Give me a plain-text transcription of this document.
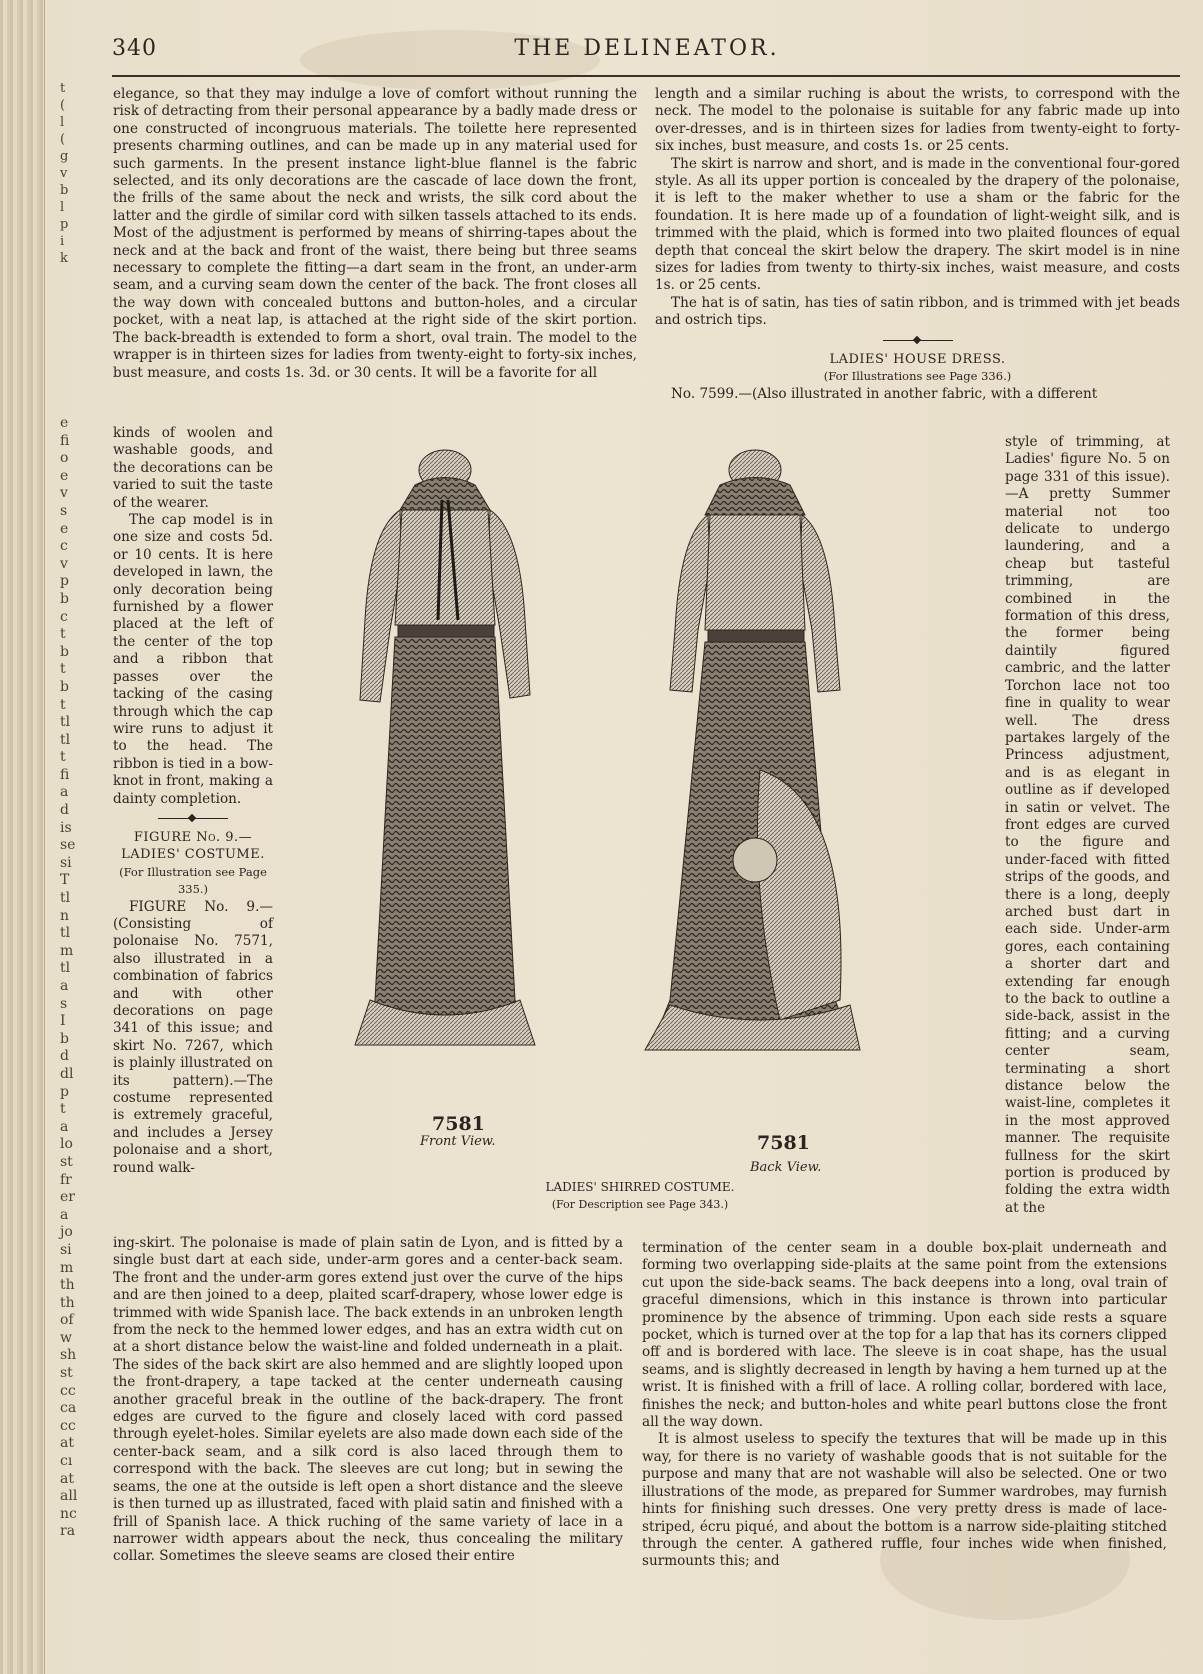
t
(
l
(
g
v
b
l
p
i
k
e
fi
o
e
v
s
e
c
v
p
b
c
t
b
t
b
t
tl
tl
t
fi
a
d
is
se
si
T
tl
n
tl
m
tl
a
s
I
b
d
dl
p
t
a
lo
st
fr
er
a
jo
si
m
th
th
of
w
sh
st
cc
ca
cc
at
cı
at
all
nc
ra
340	THE DELINEATOR.

elegance, so that they may indulge a love of comfort without running the risk of detracting from their personal appearance by a badly made dress or one constructed of incongruous materials. The toilette here represented presents charming outlines, and can be made up in any material used for such garments. In the present instance light-blue flannel is the fabric selected, and its only decorations are the cascade of lace down the front, the frills of the same about the neck and wrists, the silk cord about the latter and the girdle of similar cord with silken tassels attached to its ends. Most of the adjustment is performed by means of shirring-tapes about the neck and at the back and front of the waist, there being but three seams necessary to complete the fitting—a dart seam in the front, an under-arm seam, and a curving seam down the center of the back. The front closes all the way down with concealed buttons and button-holes, and a circular pocket, with a neat lap, is attached at the right side of the skirt portion. The back-breadth is extended to form a short, oval train. The model to the wrapper is in thirteen sizes for ladies from twenty-eight to forty-six inches, bust measure, and costs 1s. 3d. or 30 cents. It will be a favorite for all

length and a similar ruching is about the wrists, to correspond with the neck. The model to the polonaise is suitable for any fabric made up into over-dresses, and is in thirteen sizes for ladies from twenty-eight to forty-six inches, bust measure, and costs 1s. or 25 cents.

The skirt is narrow and short, and is made in the conventional four-gored style. As all its upper portion is concealed by the drapery of the polonaise, it is left to the maker whether to use a sham or the fabric for the foundation. It is here made up of a foundation of light-weight silk, and is trimmed with the plaid, which is formed into two plaited flounces of equal depth that conceal the skirt below the drapery. The skirt model is in nine sizes for ladies from twenty to thirty-six inches, waist measure, and costs 1s. or 25 cents.

The hat is of satin, has ties of satin ribbon, and is trimmed with jet beads and ostrich tips.

LADIES' HOUSE DRESS.

(For Illustrations see Page 336.)

No. 7599.—(Also illustrated in another fabric, with a different

kinds of woolen and washable goods, and the decorations can be varied to suit the taste of the wearer.

The cap model is in one size and costs 5d. or 10 cents. It is here developed in lawn, the only decoration being furnished by a flower placed at the left of the center of the top and a ribbon that passes over the tacking of the casing through which the cap wire runs to adjust it to the head. The ribbon is tied in a bow-knot in front, making a dainty completion.

FIGURE No. 9.—LADIES' COSTUME.

(For Illustration see Page 335.)

FIGURE No. 9.—(Consisting of polonaise No. 7571, also illustrated in a combination of fabrics and with other decorations on page 341 of this issue; and skirt No. 7267, which is plainly illustrated on its pattern).—The costume represented is extremely graceful, and includes a Jersey polonaise and a short, round walk-

style of trimming, at Ladies' figure No. 5 on page 331 of this issue).—A pretty Summer material not too delicate to undergo laundering, and a cheap but tasteful trimming, are combined in the formation of this dress, the former being daintily figured cambric, and the latter Torchon lace not too fine in quality to wear well. The dress partakes largely of the Princess adjustment, and is as elegant in outline as if developed in satin or velvet. The front edges are curved to the figure and under-faced with fitted strips of the goods, and there is a long, deeply arched bust dart in each side. Under-arm gores, each containing a shorter dart and extending far enough to the back to outline a side-back, assist in the fitting; and a curving center seam, terminating a short distance below the waist-line, completes it in the most approved manner. The requisite fullness for the skirt portion is produced by folding the extra width at the

7581
Front View.	7581
Back View.
LADIES' SHIRRED COSTUME.
(For Description see Page 343.)

ing-skirt. The polonaise is made of plain satin de Lyon, and is fitted by a single bust dart at each side, under-arm gores and a center-back seam. The front and the under-arm gores extend just over the curve of the hips and are then joined to a deep, plaited scarf-drapery, whose lower edge is trimmed with wide Spanish lace. The back extends in an unbroken length from the neck to the hemmed lower edges, and has an extra width cut on at a short distance below the waist-line and folded underneath in a plait. The sides of the back skirt are also hemmed and are slightly looped upon the front-drapery, a tape tacked at the center underneath causing another graceful break in the outline of the back-drapery. The front edges are curved to the figure and closely laced with cord passed through eyelet-holes. Similar eyelets are also made down each side of the center-back seam, and a silk cord is also laced through them to correspond with the back. The sleeves are cut long; but in sewing the seams, the one at the outside is left open a short distance and the sleeve is then turned up as illustrated, faced with plaid satin and finished with a frill of Spanish lace. A thick ruching of the same variety of lace in a narrower width appears about the neck, thus concealing the military collar. Sometimes the sleeve seams are closed their entire

termination of the center seam in a double box-plait underneath and forming two overlapping side-plaits at the same point from the extensions cut upon the side-back seams. The back deepens into a long, oval train of graceful dimensions, which in this instance is thrown into particular prominence by the absence of trimming. Upon each side rests a square pocket, which is turned over at the top for a lap that has its corners clipped off and is bordered with lace. The sleeve is in coat shape, has the usual seams, and is slightly decreased in length by having a hem turned up at the wrist. It is finished with a frill of lace. A rolling collar, bordered with lace, finishes the neck; and button-holes and white pearl buttons close the front all the way down.

It is almost useless to specify the textures that will be made up in this way, for there is no variety of washable goods that is not suitable for the purpose and many that are not washable will also be selected. One or two illustrations of the mode, as prepared for Summer wardrobes, may furnish hints for finishing such dresses. One very pretty dress is made of lace-striped, écru piqué, and about the bottom is a narrow side-plaiting stitched through the center. A gathered ruffle, four inches wide when finished, surmounts this; and
